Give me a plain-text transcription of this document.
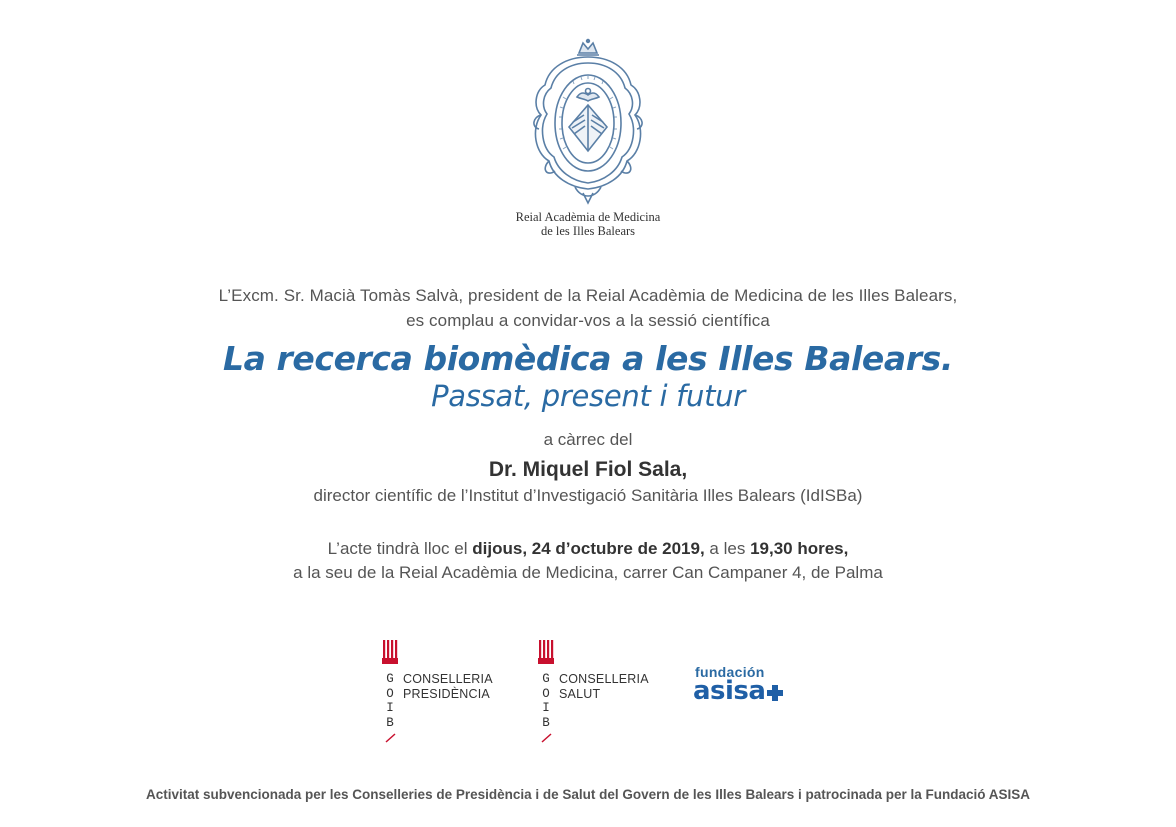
Reial Acadèmia de Medicina
de les Illes Balears
L’Excm. Sr. Macià Tomàs Salvà, president de la Reial Acadèmia de Medicina de les Illes Balears,
es complau a convidar-vos a la sessió científica
La recerca biomèdica a les Illes Balears.
Passat, present i futur
a càrrec del
Dr. Miquel Fiol Sala,
director científic de l’Institut d’Investigació Sanitària Illes Balears (IdISBa)
L’acte tindrà lloc el dijous, 24 d’octubre de 2019, a les 19,30 hores,
a la seu de la Reial Acadèmia de Medicina, carrer Can Campaner 4, de Palma
G
O
I
B
CONSELLERIA
PRESIDÈNCIA
G
O
I
B
CONSELLERIA
SALUT
fundación
asisa
Activitat subvencionada per les Conselleries de Presidència i de Salut del Govern de les Illes Balears i patrocinada per la Fundació ASISA
